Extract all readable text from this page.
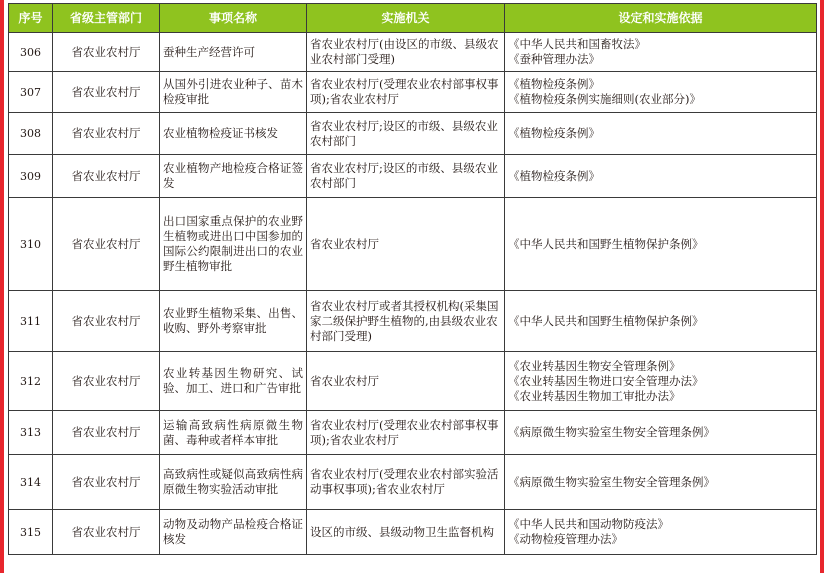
序号	省级主管部门	事项名称	实施机关	设定和实施依据
306	省农业农村厅	蚕种生产经营许可	省农业农村厅(由设区的市级、县级农业农村部门受理)	《中华人民共和国畜牧法》
《蚕种管理办法》

307	省农业农村厅	从国外引进农业种子、苗木检疫审批	省农业农村厅(受理农业农村部事权事项);省农业农村厅	《植物检疫条例》
《植物检疫条例实施细则(农业部分)》

308	省农业农村厅	农业植物检疫证书核发	省农业农村厅;设区的市级、县级农业农村部门	《植物检疫条例》

309	省农业农村厅	农业植物产地检疫合格证签发	省农业农村厅;设区的市级、县级农业农村部门	《植物检疫条例》

310	省农业农村厅	出口国家重点保护的农业野生植物或进出口中国参加的国际公约限制进出口的农业野生植物审批	省农业农村厅	《中华人民共和国野生植物保护条例》

311	省农业农村厅	农业野生植物采集、出售、收购、野外考察审批	省农业农村厅或者其授权机构(采集国家二级保护野生植物的,由县级农业农村部门受理)	《中华人民共和国野生植物保护条例》

312	省农业农村厅	农业转基因生物研究、试验、加工、进口和广告审批	省农业农村厅	《农业转基因生物安全管理条例》
《农业转基因生物进口安全管理办法》
《农业转基因生物加工审批办法》

313	省农业农村厅	运输高致病性病原微生物菌、毒种或者样本审批	省农业农村厅(受理农业农村部事权事项);省农业农村厅	《病原微生物实验室生物安全管理条例》

314	省农业农村厅	高致病性或疑似高致病性病原微生物实验活动审批	省农业农村厅(受理农业农村部实验活动事权事项);省农业农村厅	《病原微生物实验室生物安全管理条例》

315	省农业农村厅	动物及动物产品检疫合格证核发	设区的市级、县级动物卫生监督机构	《中华人民共和国动物防疫法》
《动物检疫管理办法》
